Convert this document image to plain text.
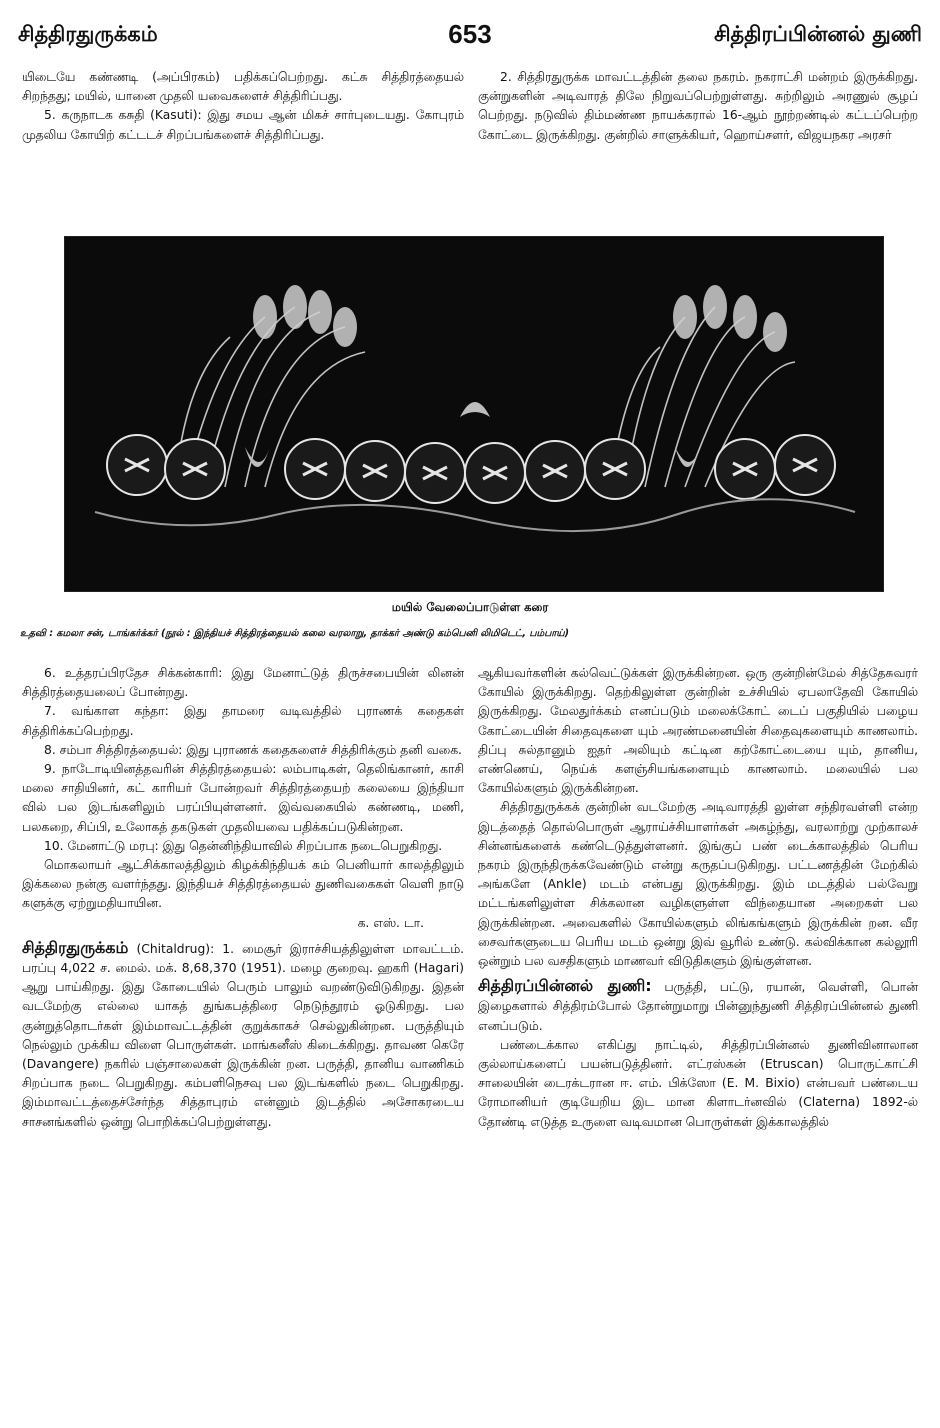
சித்திரதுருக்கம்	653	சித்திரப்பின்னல் துணி

யிடையே கண்ணடி (அப்பிரகம்) பதிக்கப்பெற்றது. கட்சு சித்திரத்தையல் சிறந்தது; மயில், யானை முதலி யவைகளைச் சித்திரிப்பது.

5. கருநாடக கசுதி (Kasuti): இது சமய ஆன் மிகச் சார்புடையது. கோபுரம் முதலிய கோயிற் கட்டடச் சிறப்பங்களைச் சித்திரிப்பது.

2. சித்திரதுருக்க மாவட்டத்தின் தலை நகரம். நகராட்சி மன்றம் இருக்கிறது. குன்றுகளின் அடிவாரத் திலே நிறுவப்பெற்றுள்ளது. சுற்றிலும் அரணுல் சூழப் பெற்றது. நடுவில் திம்மண்ண நாயக்கரால் 16-ஆம் நூற்றண்டில் கட்டப்பெற்ற கோட்டை இருக்கிறது. குன்றில் சாளுக்கியர், ஹொய்சளர், விஜயநகர அரசர்

மயில் வேலைப்பாடுள்ள கரை
உதவி : கமலா சன், டாங்கர்க்கர் (நூல் : இந்தியச் சித்திரத்தையல் கலை வரலாறு, தாக்கர் அண்டு கம்பெனி லிமிடெட், பம்பாய்)

6. உத்தரப்பிரதேச சிக்கன்காரி: இது மேனாட்டுத் திருச்சபையின் லினன் சித்திரத்தையலைப் போன்றது.

7. வங்காள கந்தா: இது தாமரை வடிவத்தில் புராணக் கதைகள் சித்திரிக்கப்பெற்றது.

8. சம்பா சித்திரத்தையல்: இது புராணக் கதைகளைச் சித்திரிக்கும் தனி வகை.

9. நாடோடியினத்தவரின் சித்திரத்தையல்: லம்பாடிகள், தெலிங்கானர், காசி மலை சாதியினர், கட் காரியர் போன்றவர் சித்திரத்தையற் கலையை இந்தியா வில் பல இடங்களிலும் பரப்பியுள்ளனர். இவ்வகையில் கண்ணடி, மணி, பலகறை, சிப்பி, உலோகத் தகடுகள் முதலியவை பதிக்கப்படுகின்றன.

10. மேனாட்டு மரபு: இது தென்னிந்தியாவில் சிறப்பாக நடைபெறுகிறது.

மொகலாயர் ஆட்சிக்காலத்திலும் கிழக்கிந்தியக் கம் பெனியார் காலத்திலும் இக்கலை நன்கு வளர்ந்தது. இந்தியச் சித்திரத்தையல் துணிவகைகள் வெளி நாடு களுக்கு ஏற்றுமதியாயின.

க. எஸ். டா.

சித்திரதுருக்கம் (Chitaldrug): 1. மைசூர் இராச்சியத்திலுள்ள மாவட்டம். பரப்பு 4,022 ச. மைல். மக். 8,68,370 (1951). மழை குறைவு. ஹகரி (Hagari) ஆறு பாய்கிறது. இது கோடையில் பெரும் பாலும் வறண்டுவிடுகிறது. இதன் வடமேற்கு எல்லை யாகத் துங்கபத்திரை நெடுந்தூரம் ஓடுகிறது. பல குன்றுத்தொடர்கள் இம்மாவட்டத்தின் குறுக்காகச் செல்லுகின்றன. பருத்தியும் நெல்லும் முக்கிய விளை பொருள்கள். மாங்கனீஸ் கிடைக்கிறது. தாவண கெரே (Davangere) நகரில் பஞ்சாலைகள் இருக்கின் றன. பருத்தி, தானிய வாணிகம் சிறப்பாக நடை பெறுகிறது. கம்பளிநெசவு பல இடங்களில் நடை பெறுகிறது. இம்மாவட்டத்தைச்சேர்ந்த சித்தாபுரம் என்னும் இடத்தில் அசோகரடைய சாசனங்களில் ஒன்று பொறிக்கப்பெற்றுள்ளது.

ஆகியவர்களின் கல்வெட்டுக்கள் இருக்கின்றன. ஒரு குன்றின்மேல் சித்தேசுவரர் கோயில் இருக்கிறது. தெற்கிலுள்ள குன்றின் உச்சியில் ஏபலாதேவி கோயில் இருக்கிறது. மேலதுர்க்கம் எனப்படும் மலைக்கோட் டைப் பகுதியில் பழைய கோட்டையின் சிதைவுகளை யும் அரண்மனையின் சிதைவுகளையும் காணலாம். திப்பு சுல்தானும் ஐதர் அலியும் கட்டின கற்கோட்டையை யும், தானிய, எண்ணெய், நெய்க் களஞ்சியங்களையும் காணலாம். மலையில் பல கோயில்களும் இருக்கின்றன.

சித்திரதுருக்கக் குன்றின் வடமேற்கு அடிவாரத்தி லுள்ள சந்திரவள்ளி என்ற இடத்தைத் தொல்பொருள் ஆராய்ச்சியாளர்கள் அகழ்ந்து, வரலாற்று முற்காலச் சின்னங்களைக் கண்டெடுத்துள்ளனர். இங்குப் பண் டைக்காலத்தில் பெரிய நகரம் இருந்திருக்கவேண்டும் என்று கருதப்படுகிறது. பட்டணத்தின் மேற்கில் அங்களே (Ankle) மடம் என்பது இருக்கிறது. இம் மடத்தில் பல்வேறு மட்டங்களிலுள்ள சிக்கலான வழிகளுள்ள விந்தையான அறைகள் பல இருக்கின்றன. அவைகளில் கோயில்களும் லிங்கங்களும் இருக்கின் றன. வீர சைவர்களுடைய பெரிய மடம் ஒன்று இவ் வூரில் உண்டு. கல்விக்கான கல்லூரி ஒன்றும் பல வசதிகளும் மாணவர் விடுதிகளும் இங்குள்ளன.

சித்திரப்பின்னல் துணி: பருத்தி, பட்டு, ரயான், வெள்ளி, பொன் இழைகளால் சித்திரம்போல் தோன்றுமாறு பின்னுந்துணி சித்திரப்பின்னல் துணி எனப்படும்.

பண்டைக்கால எகிப்து நாட்டில், சித்திரப்பின்னல் துணிவினாலான குல்லாய்களைப் பயன்படுத்தினர். எட்ரஸ்கன் (Etruscan) பொருட்காட்சி சாலையின் டைரக்டரான ஈ. எம். பிக்ஸோ (E. M. Bixio) என்பவர் பண்டைய ரோமானியர் குடியேறிய இட மான கிளாடர்னவில் (Claterna) 1892-ல் தோண்டி எடுத்த உருளை வடிவமான பொருள்கள் இக்காலத்தில்
